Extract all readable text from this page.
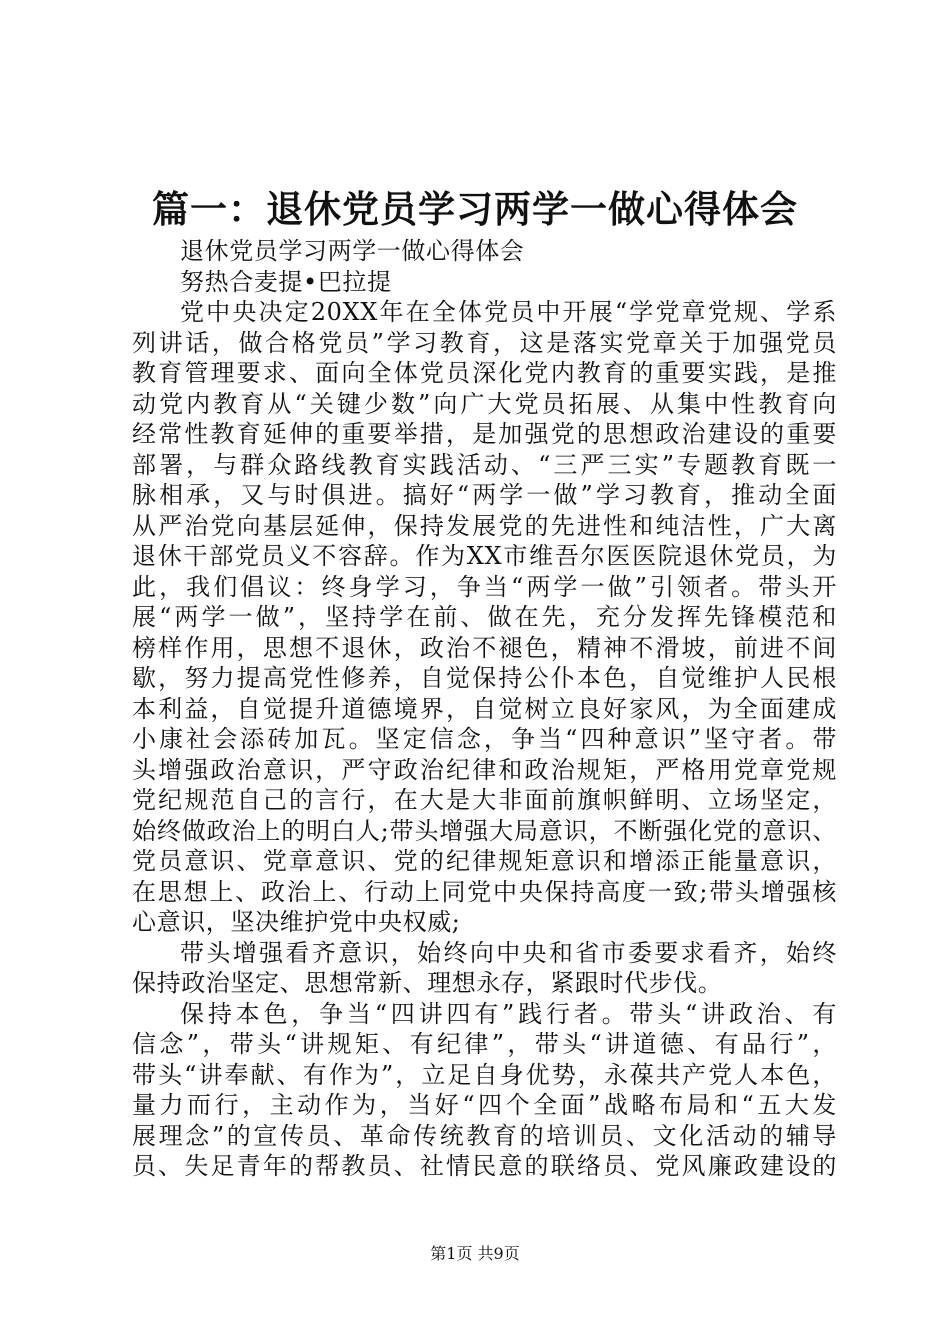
篇一：退休党员学习两学一做心得体会
退休党员学习两学一做心得体会
努热合麦提•巴拉提
党中央决定20XX年在全体党员中开展“学党章党规、学系
列讲话，做合格党员”学习教育，这是落实党章关于加强党员
教育管理要求、面向全体党员深化党内教育的重要实践，是推
动党内教育从“关键少数”向广大党员拓展、从集中性教育向
经常性教育延伸的重要举措，是加强党的思想政治建设的重要
部署，与群众路线教育实践活动、“三严三实”专题教育既一
脉相承，又与时俱进。搞好“两学一做”学习教育，推动全面
从严治党向基层延伸，保持发展党的先进性和纯洁性，广大离
退休干部党员义不容辞。作为XX市维吾尔医医院退休党员，为
此，我们倡议：终身学习，争当“两学一做”引领者。带头开
展“两学一做”，坚持学在前、做在先，充分发挥先锋模范和
榜样作用，思想不退休，政治不褪色，精神不滑坡，前进不间
歇，努力提高党性修养，自觉保持公仆本色，自觉维护人民根
本利益，自觉提升道德境界，自觉树立良好家风，为全面建成
小康社会添砖加瓦。坚定信念，争当“四种意识”坚守者。带
头增强政治意识，严守政治纪律和政治规矩，严格用党章党规
党纪规范自己的言行，在大是大非面前旗帜鲜明、立场坚定，
始终做政治上的明白人;带头增强大局意识，不断强化党的意识、
党员意识、党章意识、党的纪律规矩意识和增添正能量意识，
在思想上、政治上、行动上同党中央保持高度一致;带头增强核
心意识，坚决维护党中央权威;
带头增强看齐意识，始终向中央和省市委要求看齐，始终
保持政治坚定、思想常新、理想永存，紧跟时代步伐。
保持本色，争当“四讲四有”践行者。带头“讲政治、有
信念”，带头“讲规矩、有纪律”，带头“讲道德、有品行”，
带头“讲奉献、有作为”，立足自身优势，永葆共产党人本色，
量力而行，主动作为，当好“四个全面”战略布局和“五大发
展理念”的宣传员、革命传统教育的培训员、文化活动的辅导
员、失足青年的帮教员、社情民意的联络员、党风廉政建设的
第1页 共9页
